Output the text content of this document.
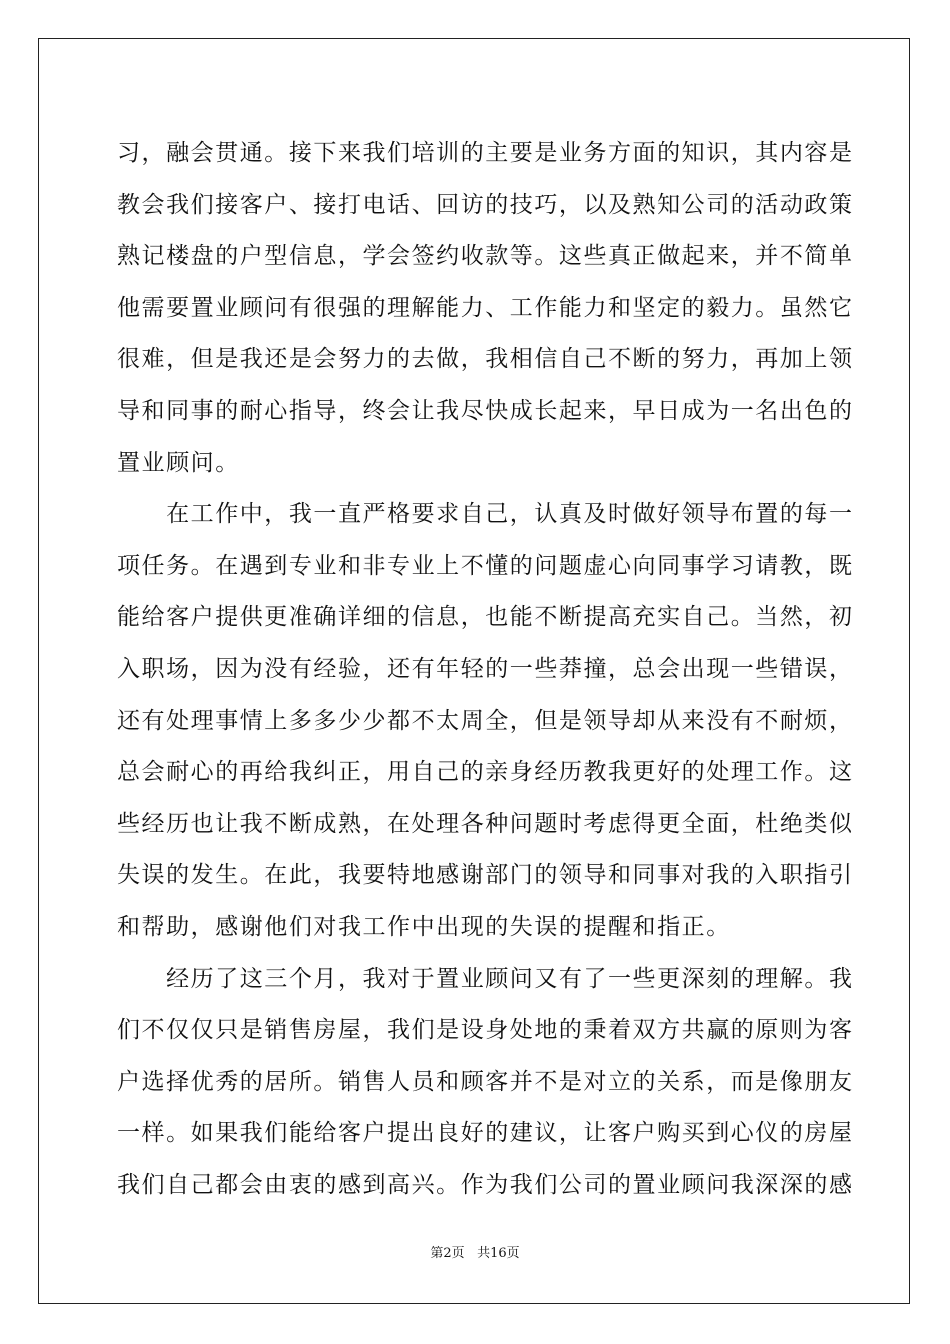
习，融会贯通。接下来我们培训的主要是业务方面的知识，其内容是
教会我们接客户、接打电话、回访的技巧，以及熟知公司的活动政策
熟记楼盘的户型信息，学会签约收款等。这些真正做起来，并不简单
他需要置业顾问有很强的理解能力、工作能力和坚定的毅力。虽然它
很难，但是我还是会努力的去做，我相信自己不断的努力，再加上领
导和同事的耐心指导，终会让我尽快成长起来，早日成为一名出色的
置业顾问。
　　在工作中，我一直严格要求自己，认真及时做好领导布置的每一
项任务。在遇到专业和非专业上不懂的问题虚心向同事学习请教，既
能给客户提供更准确详细的信息，也能不断提高充实自己。当然，初
入职场，因为没有经验，还有年轻的一些莽撞，总会出现一些错误，
还有处理事情上多多少少都不太周全，但是领导却从来没有不耐烦，
总会耐心的再给我纠正，用自己的亲身经历教我更好的处理工作。这
些经历也让我不断成熟，在处理各种问题时考虑得更全面，杜绝类似
失误的发生。在此，我要特地感谢部门的领导和同事对我的入职指引
和帮助，感谢他们对我工作中出现的失误的提醒和指正。
　　经历了这三个月，我对于置业顾问又有了一些更深刻的理解。我
们不仅仅只是销售房屋，我们是设身处地的秉着双方共赢的原则为客
户选择优秀的居所。销售人员和顾客并不是对立的关系，而是像朋友
一样。如果我们能给客户提出良好的建议，让客户购买到心仪的房屋
我们自己都会由衷的感到高兴。作为我们公司的置业顾问我深深的感
第2页 共16页
